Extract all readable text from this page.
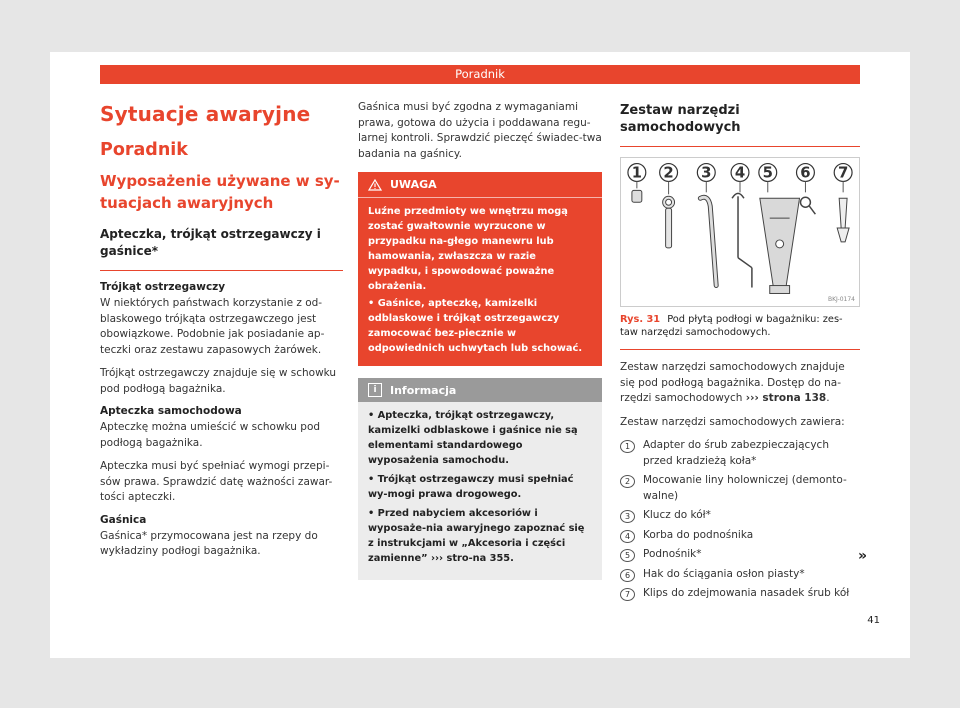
Poradnik
Sytuacje awaryjne
Poradnik
Wyposażenie używane w sy-tuacjach awaryjnych
Apteczka, trójkąt ostrzegawczy i gaśnice*
Trójkąt ostrzegawczy

W niektórych państwach korzystanie z od-blaskowego trójkąta ostrzegawczego jest obowiązkowe. Podobnie jak posiadanie ap-teczki oraz zestawu zapasowych żarówek.

Trójkąt ostrzegawczy znajduje się w schowku pod podłogą bagażnika.

Apteczka samochodowa

Apteczkę można umieścić w schowku pod podłogą bagażnika.

Apteczka musi być spełniać wymogi przepi-sów prawa. Sprawdzić datę ważności zawar-tości apteczki.

Gaśnica

Gaśnica* przymocowana jest na rzepy do wykładziny podłogi bagażnika.

Gaśnica musi być zgodna z wymaganiami prawa, gotowa do użycia i poddawana regu-larnej kontroli. Sprawdzić pieczęć świadec-twa badania na gaśnicy.

UWAGA
Luźne przedmioty we wnętrzu mogą zostać gwałtownie wyrzucone w przypadku na-głego manewru lub hamowania, zwłaszcza w razie wypadku, i spowodować poważne obrażenia.
• Gaśnice, apteczkę, kamizelki odblaskowe i trójkąt ostrzegawczy zamocować bez-piecznie w odpowiednich uchwytach lub schować.
i	Informacja
• Apteczka, trójkąt ostrzegawczy, kamizelki odblaskowe i gaśnice nie są elementami standardowego wyposażenia samochodu.
• Trójkąt ostrzegawczy musi spełniać wy-mogi prawa drogowego.
• Przed nabyciem akcesoriów i wyposaże-nia awaryjnego zapoznać się z instrukcjami w „Akcesoria i części zamienne” ››› stro-na 355.
Zestaw narzędzi samochodowych
1 2 3 4 5 6 7
BKJ-0174
Rys. 31 Pod płytą podłogi w bagażniku: zes-taw narzędzi samochodowych.

Zestaw narzędzi samochodowych znajduje się pod podłogą bagażnika. Dostęp do na-rzędzi samochodowych ››› strona 138.

Zestaw narzędzi samochodowych zawiera:

1	Adapter do śrub zabezpieczających przed kradzieżą koła*
2	Mocowanie liny holowniczej (demonto-walne)
3	Klucz do kół*
4	Korba do podnośnika
5	Podnośnik*
6	Hak do ściągania osłon piasty*
7	Klips do zdejmowania nasadek śrub kół
»
41
